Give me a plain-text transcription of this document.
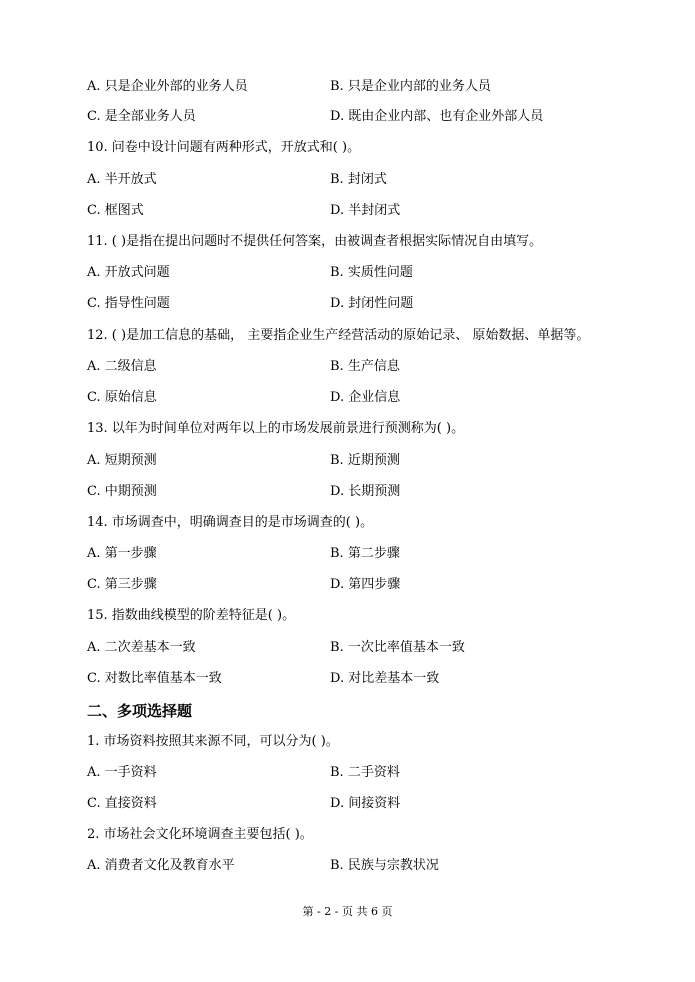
A. 只是企业外部的业务人员	B. 只是企业内部的业务人员
C. 是全部业务人员	D. 既由企业内部、也有企业外部人员
10. 问卷中设计问题有两种形式，开放式和( )。
A. 半开放式	B. 封闭式
C. 框图式	D. 半封闭式
11. ( )是指在提出问题时不提供任何答案，由被调查者根据实际情况自由填写。
A. 开放式问题	B. 实质性问题
C. 指导性问题	D. 封闭性问题
12. ( )是加工信息的基础， 主要指企业生产经营活动的原始记录、 原始数据、单据等。
A. 二级信息	B. 生产信息
C. 原始信息	D. 企业信息
13. 以年为时间单位对两年以上的市场发展前景进行预测称为( )。
A. 短期预测	B. 近期预测
C. 中期预测	D. 长期预测
14. 市场调查中，明确调查目的是市场调查的( )。
A. 第一步骤	B. 第二步骤
C. 第三步骤	D. 第四步骤
15. 指数曲线模型的阶差特征是( )。
A. 二次差基本一致	B. 一次比率值基本一致
C. 对数比率值基本一致	D. 对比差基本一致
二、多项选择题
1. 市场资料按照其来源不同，可以分为( )。
A. 一手资料	B. 二手资料
C. 直接资料	D. 间接资料
2. 市场社会文化环境调查主要包括( )。
A. 消费者文化及教育水平	B. 民族与宗教状况
第 - 2 - 页 共 6 页
